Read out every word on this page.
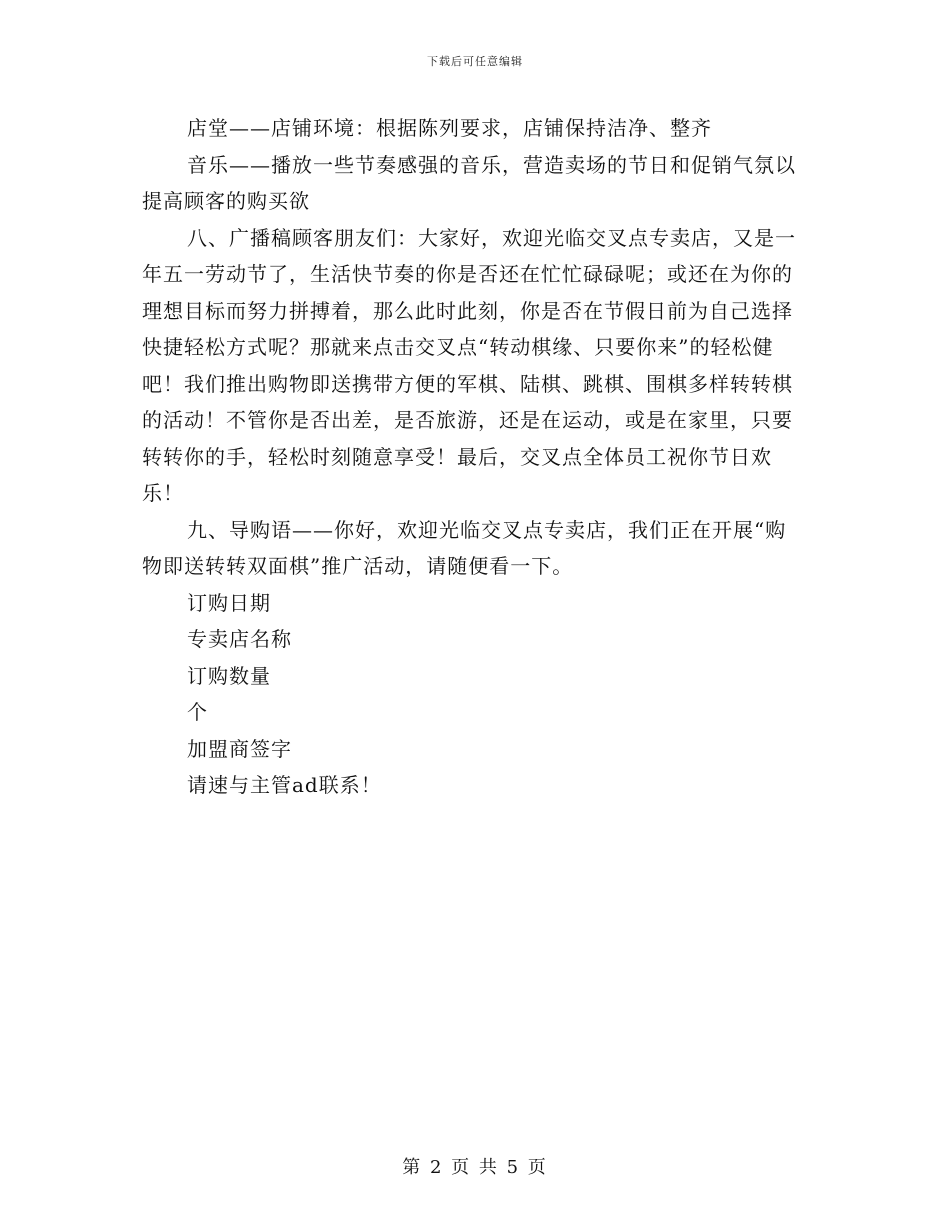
下载后可任意编辑

店堂——店铺环境：根据陈列要求，店铺保持洁净、整齐

音乐——播放一些节奏感强的音乐，营造卖场的节日和促销气氛以提高顾客的购买欲

八、广播稿顾客朋友们：大家好，欢迎光临交叉点专卖店，又是一年五一劳动节了，生活快节奏的你是否还在忙忙碌碌呢；或还在为你的理想目标而努力拼搏着，那么此时此刻，你是否在节假日前为自己选择快捷轻松方式呢？那就来点击交叉点“转动棋缘、只要你来”的轻松健吧！我们推出购物即送携带方便的军棋、陆棋、跳棋、围棋多样转转棋的活动！不管你是否出差，是否旅游，还是在运动，或是在家里，只要转转你的手，轻松时刻随意享受！最后，交叉点全体员工祝你节日欢乐！

九、导购语——你好，欢迎光临交叉点专卖店，我们正在开展“购物即送转转双面棋”推广活动，请随便看一下。

订购日期

专卖店名称

订购数量

个

加盟商签字

请速与主管ad联系！

第 2 页 共 5 页
